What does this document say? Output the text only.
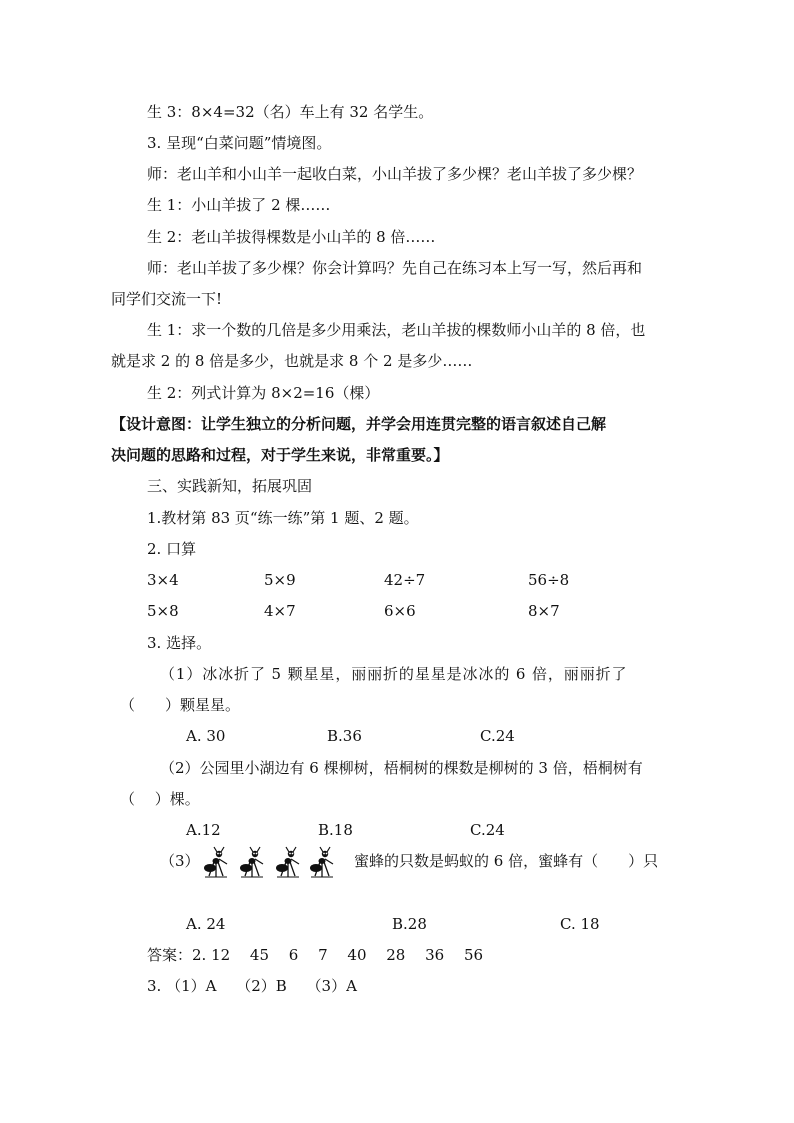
生 3：8×4=32（名）车上有 32 名学生。
3. 呈现“白菜问题”情境图。
师：老山羊和小山羊一起收白菜，小山羊拔了多少棵？老山羊拔了多少棵？
生 1：小山羊拔了 2 棵……
生 2：老山羊拔得棵数是小山羊的 8 倍……
师：老山羊拔了多少棵？你会计算吗？先自己在练习本上写一写，然后再和
同学们交流一下!
生 1：求一个数的几倍是多少用乘法，老山羊拔的棵数师小山羊的 8 倍，也
就是求 2 的 8 倍是多少，也就是求 8 个 2 是多少……
生 2：列式计算为 8×2=16（棵）
【设计意图：让学生独立的分析问题，并学会用连贯完整的语言叙述自己解
决问题的思路和过程，对于学生来说，非常重要。】
三、实践新知，拓展巩固
1.教材第 83 页“练一练”第 1 题、2 题。
2. 口算
3×4	5×9	42÷7	56÷8
5×8	4×7	6×6	8×7
3. 选择。
（1）冰冰折了 5 颗星星，丽丽折的星星是冰冰的 6 倍，丽丽折了
（　　）颗星星。
A. 30	B.36	C.24
（2）公园里小湖边有 6 棵柳树，梧桐树的棵数是柳树的 3 倍，梧桐树有
（　 ）棵。
A.12	B.18	C.24
（3）	蜜蜂的只数是蚂蚁的 6 倍，蜜蜂有（　　）只
A. 24	B.28	C. 18
答案：2. 12　 45　 6　 7　 40　 28　 36　 56
3. （1）A　 （2）B　 （3）A
